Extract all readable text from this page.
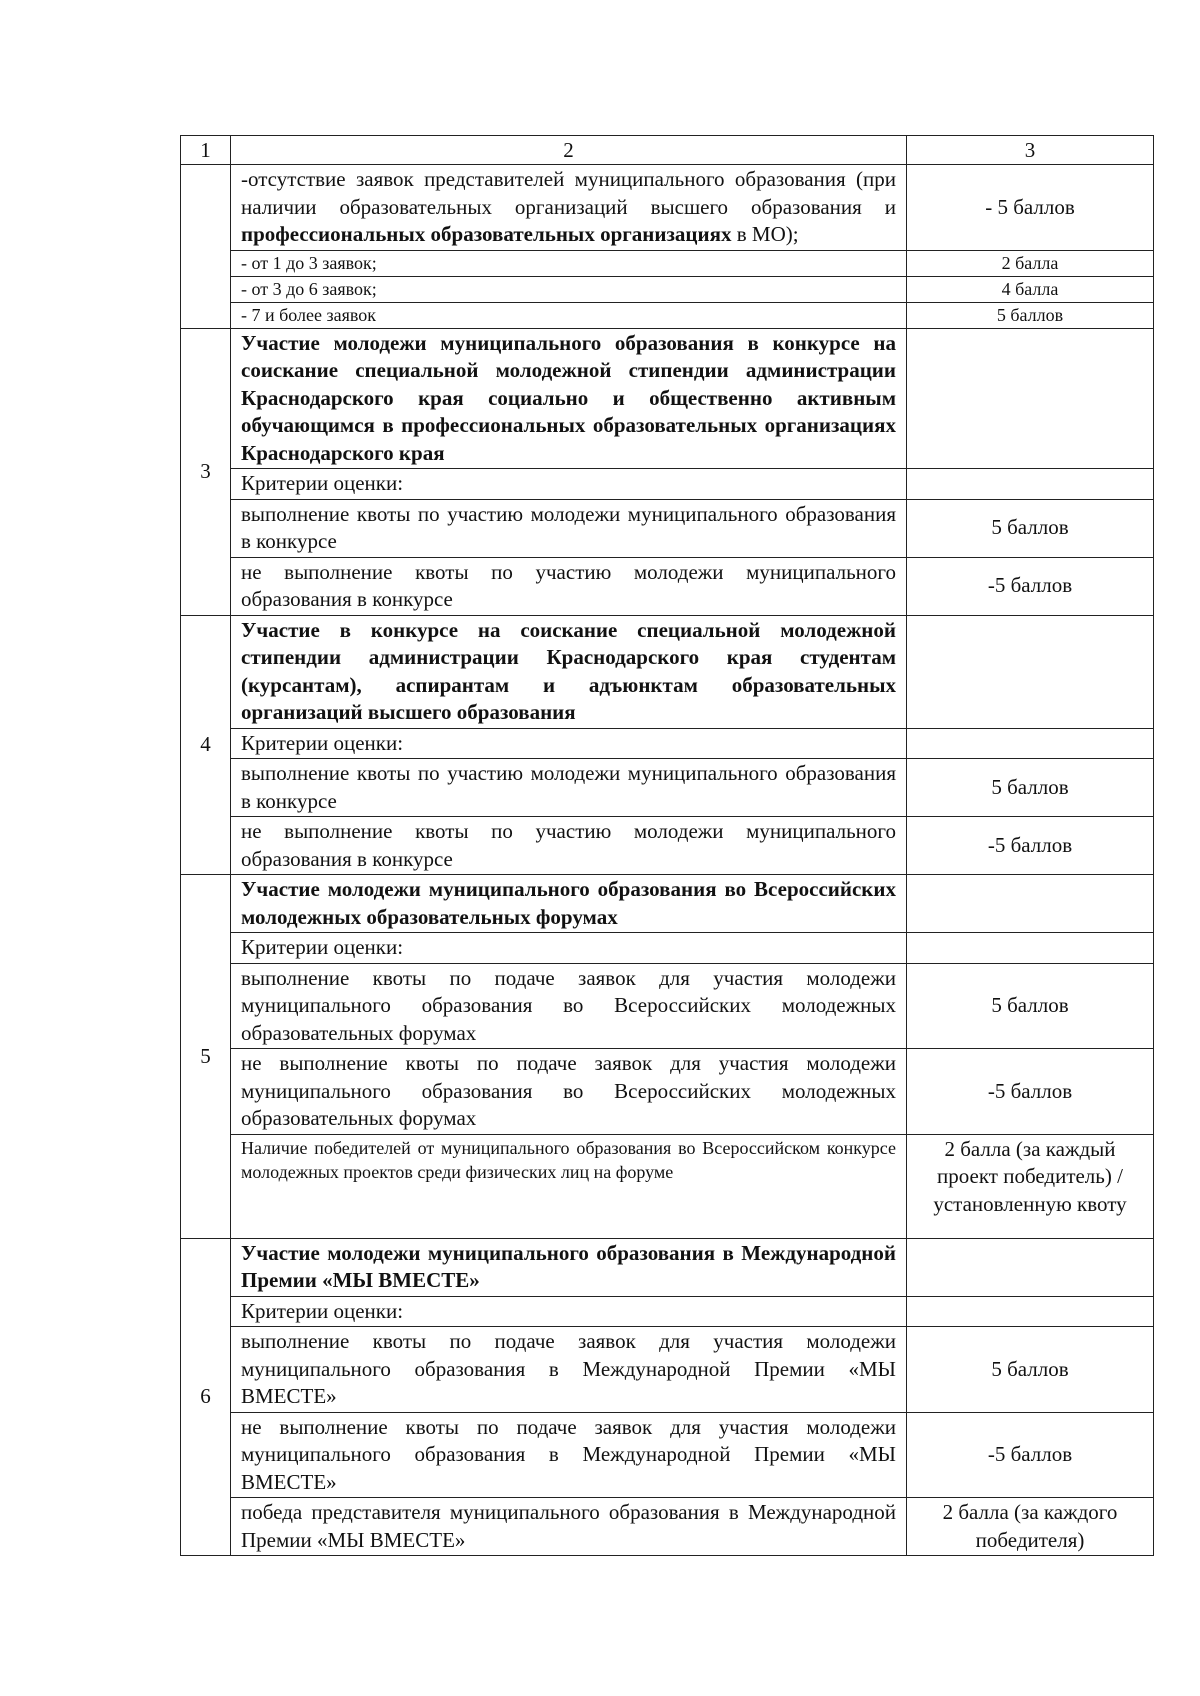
1	2	3
	-отсутствие заявок представителей муниципального образования (при наличии образовательных организаций высшего образования и профессиональных образовательных организациях в МО);	- 5 баллов
	- от 1 до 3 заявок;	2 балла
	- от 3 до 6 заявок;	4 балла
	- 7 и более заявок	5 баллов
3	Участие молодежи муниципального образования в конкурсе на соискание специальной молодежной стипендии администрации Краснодарского края социально и общественно активным обучающимся в профессиональных образовательных организациях Краснодарского края	
	Критерии оценки:	
	выполнение квоты по участию молодежи муниципального образования в конкурсе	5 баллов
	не выполнение квоты по участию молодежи муниципального образования в конкурсе	-5 баллов
4	Участие в конкурсе на соискание специальной молодежной стипендии администрации Краснодарского края студентам (курсантам), аспирантам и адъюнктам образовательных организаций высшего образования	
	Критерии оценки:	
	выполнение квоты по участию молодежи муниципального образования в конкурсе	5 баллов
	не выполнение квоты по участию молодежи муниципального образования в конкурсе	-5 баллов
5	Участие молодежи муниципального образования во Всероссийских молодежных образовательных форумах	
	Критерии оценки:	
	выполнение квоты по подаче заявок для участия молодежи муниципального образования во Всероссийских молодежных образовательных форумах	5 баллов
	не выполнение квоты по подаче заявок для участия молодежи муниципального образования во Всероссийских молодежных образовательных форумах	-5 баллов
	Наличие победителей от муниципального образования во Всероссийском конкурсе молодежных проектов среди физических лиц на форуме	2 балла (за каждый проект победитель) /установленную квоту
6	Участие молодежи муниципального образования в Международной Премии «МЫ ВМЕСТЕ»	
	Критерии оценки:	
	выполнение квоты по подаче заявок для участия молодежи муниципального образования в Международной Премии «МЫ ВМЕСТЕ»	5 баллов
	не выполнение квоты по подаче заявок для участия молодежи муниципального образования в Международной Премии «МЫ ВМЕСТЕ»	-5 баллов
	победа представителя муниципального образования в Международной Премии «МЫ ВМЕСТЕ»	2 балла (за каждого победителя)
